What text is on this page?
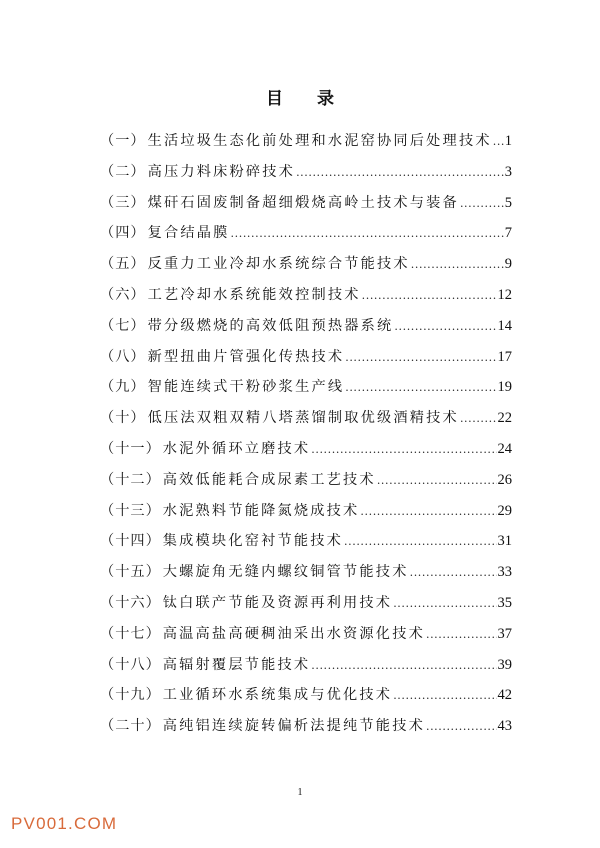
目 录
（一） 生活垃圾生态化前处理和水泥窑协同后处理技术 ..... 1
（二） 高压力料床粉碎技术 .....	3
（三） 煤矸石固废制备超细煅烧高岭土技术与装备 .....	5
（四） 复合结晶膜 .....	7
（五） 反重力工业冷却水系统综合节能技术 .....	9
（六） 工艺冷却水系统能效控制技术 .....	12
（七） 带分级燃烧的高效低阻预热器系统 .....	14
（八） 新型扭曲片管强化传热技术 .....	17
（九） 智能连续式干粉砂浆生产线 .....	19
（十） 低压法双粗双精八塔蒸馏制取优级酒精技术 .....	22
（十一） 水泥外循环立磨技术 .....	24
（十二） 高效低能耗合成尿素工艺技术 .....	26
（十三） 水泥熟料节能降氮烧成技术 .....	29
（十四） 集成模块化窑衬节能技术 .....	31
（十五） 大螺旋角无缝内螺纹铜管节能技术 .....	33
（十六） 钛白联产节能及资源再利用技术 .....	35
（十七） 高温高盐高硬稠油采出水资源化技术 .....	37
（十八） 高辐射覆层节能技术 .....	39
（十九） 工业循环水系统集成与优化技术 .....	42
（二十） 高纯铝连续旋转偏析法提纯节能技术 .....	43
1
PV001.COM
